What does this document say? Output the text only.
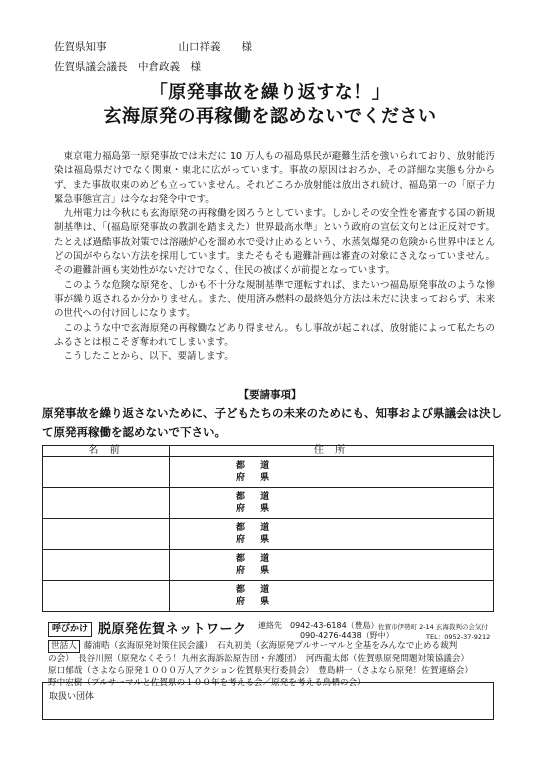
佐賀県知事	山口祥義　　 様
佐賀県議会議長　 中倉政義　 様
「原発事故を繰り返すな！」
玄海原発の再稼働を認めないでください

東京電力福島第一原発事故では未だに 10 万人もの福島県民が避難生活を強いられており、放射能汚染は福島県だけでなく関東・東北に広がっています。事故の原因はおろか、その詳細な実態も分からず、また事故収束のめども立っていません。それどころか放射能は放出され続け、福島第一の「原子力緊急事態宣言」は今なお発令中です。

九州電力は今秋にも玄海原発の再稼働を図ろうとしています。しかしその安全性を審査する国の新規制基準は、「(福島原発事故の教訓を踏まえた）世界最高水準」という政府の宣伝文句とは正反対です。たとえば過酷事故対策では溶融炉心を溜め水で受け止めるという、水蒸気爆発の危険から世界中ほとんどの国がやらない方法を採用しています。またそもそも避難計画は審査の対象にさえなっていません。その避難計画も実効性がないだけでなく、住民の被ばくが前提となっています。

このような危険な原発を、しかも不十分な規制基準で運転すれば、またいつ福島原発事故のような惨事が繰り返されるか分かりません。また、使用済み燃料の最終処分方法は未だに決まっておらず、未来の世代への付け回しになります。

このような中で玄海原発の再稼働などあり得ません。もし事故が起これば、放射能によって私たちのふるさとは根こそぎ奪われてしまいます。

こうしたことから、以下、要請します。

【要請事項】
原発事故を繰り返さないために、子どもたちの未来のためにも、知事および県議会は決して原発再稼働を認めないで下さい。
名 前	住 所

	都 道
府 県

	都 道
府 県

	都 道
府 県

	都 道
府 県

	都 道
府 県
呼びかけ 脱原発佐賀ネットワーク 連絡先　0942-43-6184（豊島）
090-4276-4438（野中）
佐賀市伊勢町 2-14 玄海裁判の会気付
TEL：0952-37-9212
世話人 藤浦晧（玄海原発対策住民会議）　石丸初美（玄海原発プルサーマルと全基をみんなで止める裁判
の会）　長谷川照（原発なくそう！九州玄海訴訟原告団・弁護団）　河西龍太郎（佐賀県原発問題対策協議会）
原口郁哉（さよなら原発１０００万人アクション佐賀県実行委員会）　豊島耕一（さよなら原発！佐賀連絡会）
野中宏樹（プルサーマルと佐賀県の１００年を考える会／原発を考える鳥栖の会）
取扱い団体
